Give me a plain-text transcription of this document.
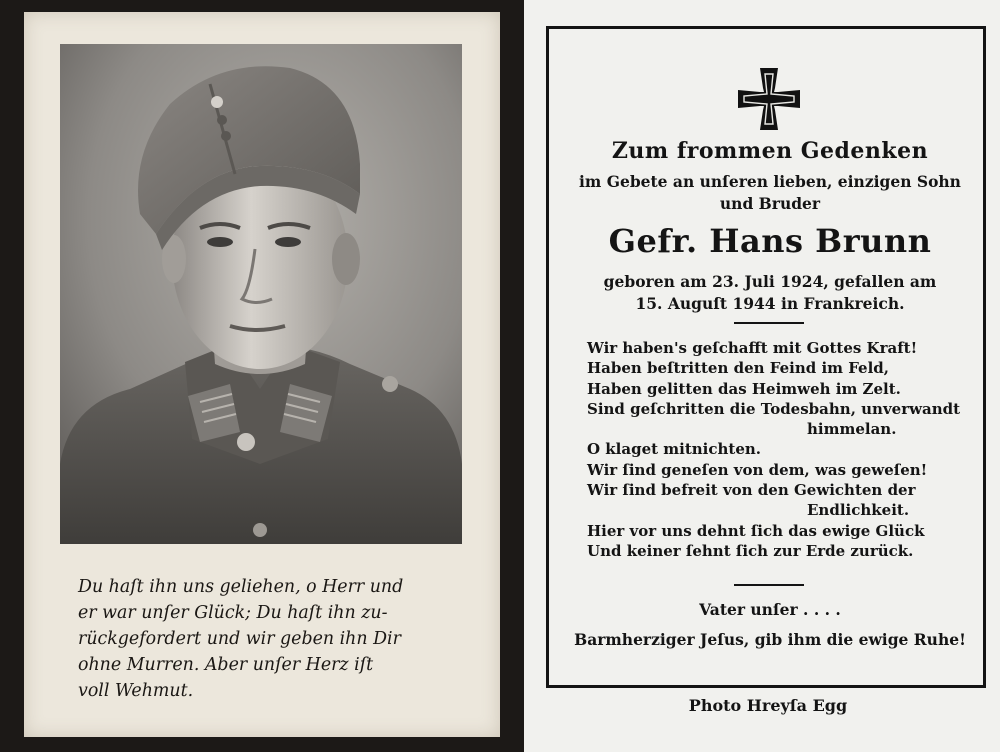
Du haſt ihn uns geliehen, o Herr und
er war unſer Glück; Du haſt ihn zu-
rückgefordert und wir geben ihn Dir
ohne Murren. Aber unſer Herz iſt
voll Wehmut.
Zum frommen Gedenken
im Gebete an unſeren lieben, einzigen Sohn
und Bruder
Gefr. Hans Brunn
geboren am 23. Juli 1924, gefallen am
15. Auguſt 1944 in Frankreich.
Wir haben's geſchafft mit Gottes Kraft!
Haben beſtritten den Feind im Feld,
Haben gelitten das Heimweh im Zelt.
Sind geſchritten die Todesbahn, unverwandt
himmelan.
O klaget mitnichten.
Wir ſind geneſen von dem, was geweſen!
Wir ſind befreit von den Gewichten der
Endlichkeit.
Hier vor uns dehnt ſich das ewige Glück
Und keiner ſehnt ſich zur Erde zurück.
Vater unſer . . . .
Barmherziger Jeſus, gib ihm die ewige Ruhe!
Photo Hreyſa Egg
